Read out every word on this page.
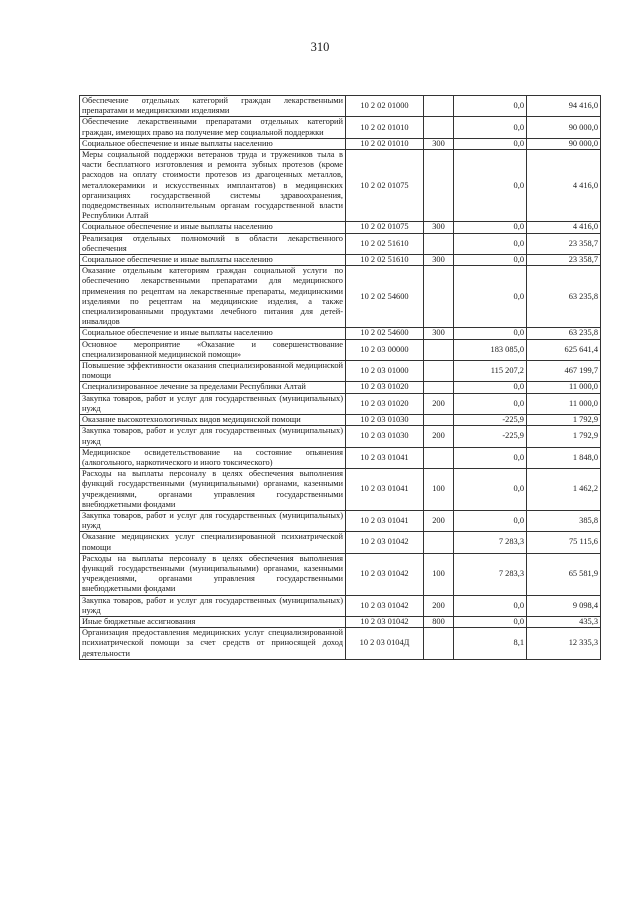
310
Обеспечение отдельных категорий граждан лекарственными препаратами и медицинскими изделиями	10 2 02 01000		0,0	94 416,0
Обеспечение лекарственными препаратами отдельных категорий граждан, имеющих право на получение мер социальной поддержки	10 2 02 01010		0,0	90 000,0
Социальное обеспечение и иные выплаты населению	10 2 02 01010	300	0,0	90 000,0
Меры социальной поддержки ветеранов труда и тружеников тыла в части бесплатного изготовления и ремонта зубных протезов (кроме расходов на оплату стоимости протезов из драгоценных металлов, металлокерамики и искусственных имплантатов) в медицинских организациях государственной системы здравоохранения, подведомственных исполнительным органам государственной власти Республики Алтай	10 2 02 01075		0,0	4 416,0
Социальное обеспечение и иные выплаты населению	10 2 02 01075	300	0,0	4 416,0
Реализация отдельных полномочий в области лекарственного обеспечения	10 2 02 51610		0,0	23 358,7
Социальное обеспечение и иные выплаты населению	10 2 02 51610	300	0,0	23 358,7
Оказание отдельным категориям граждан социальной услуги по обеспечению лекарственными препаратами для медицинского применения по рецептам на лекарственные препараты, медицинскими изделиями по рецептам на медицинские изделия, а также специализированными продуктами лечебного питания для детей-инвалидов	10 2 02 54600		0,0	63 235,8
Социальное обеспечение и иные выплаты населению	10 2 02 54600	300	0,0	63 235,8
Основное мероприятие «Оказание и совершенствование специализированной медицинской помощи»	10 2 03 00000		183 085,0	625 641,4
Повышение эффективности оказания специализированной медицинской помощи	10 2 03 01000		115 207,2	467 199,7
Специализированное лечение за пределами Республики Алтай	10 2 03 01020		0,0	11 000,0
Закупка товаров, работ и услуг для государственных (муниципальных) нужд	10 2 03 01020	200	0,0	11 000,0
Оказание высокотехнологичных видов медицинской помощи	10 2 03 01030		-225,9	1 792,9
Закупка товаров, работ и услуг для государственных (муниципальных) нужд	10 2 03 01030	200	-225,9	1 792,9
Медицинское освидетельствование на состояние опьянения (алкогольного, наркотического и иного токсического)	10 2 03 01041		0,0	1 848,0
Расходы на выплаты персоналу в целях обеспечения выполнения функций государственными (муниципальными) органами, казенными учреждениями, органами управления государственными внебюджетными фондами	10 2 03 01041	100	0,0	1 462,2
Закупка товаров, работ и услуг для государственных (муниципальных) нужд	10 2 03 01041	200	0,0	385,8
Оказание медицинских услуг специализированной психиатрической помощи	10 2 03 01042		7 283,3	75 115,6
Расходы на выплаты персоналу в целях обеспечения выполнения функций государственными (муниципальными) органами, казенными учреждениями, органами управления государственными внебюджетными фондами	10 2 03 01042	100	7 283,3	65 581,9
Закупка товаров, работ и услуг для государственных (муниципальных) нужд	10 2 03 01042	200	0,0	9 098,4
Иные бюджетные ассигнования	10 2 03 01042	800	0,0	435,3
Организация предоставления медицинских услуг специализированной психиатрической помощи за счет средств от приносящей доход деятельности	10 2 03 0104Д		8,1	12 335,3
